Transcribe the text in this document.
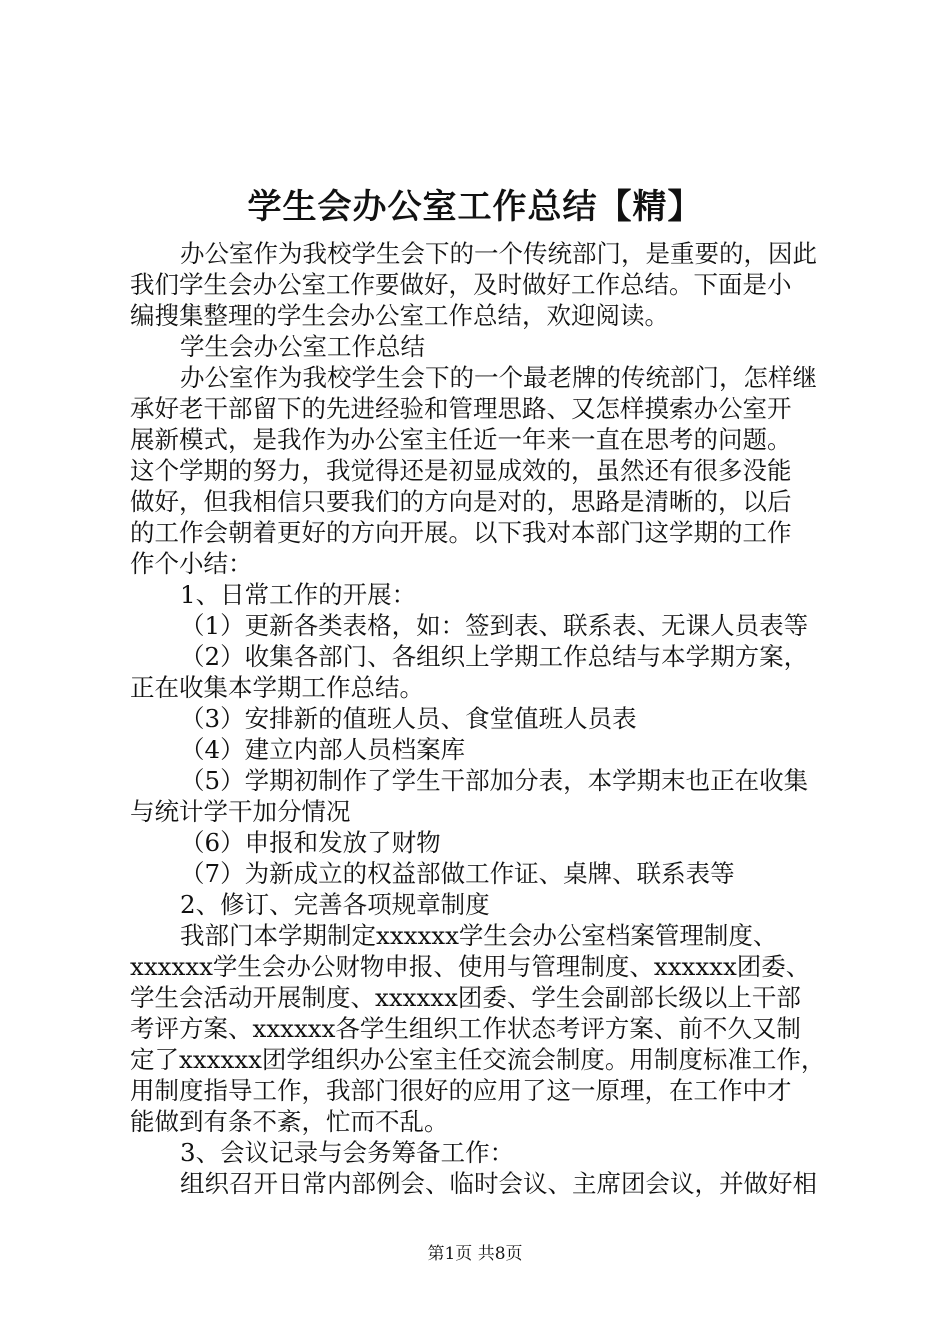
学生会办公室工作总结【精】
办公室作为我校学生会下的一个传统部门，是重要的，因此
我们学生会办公室工作要做好，及时做好工作总结。下面是小
编搜集整理的学生会办公室工作总结，欢迎阅读。
学生会办公室工作总结
办公室作为我校学生会下的一个最老牌的传统部门，怎样继
承好老干部留下的先进经验和管理思路、又怎样摸索办公室开
展新模式，是我作为办公室主任近一年来一直在思考的问题。
这个学期的努力，我觉得还是初显成效的，虽然还有很多没能
做好，但我相信只要我们的方向是对的，思路是清晰的，以后
的工作会朝着更好的方向开展。以下我对本部门这学期的工作
作个小结：
1、日常工作的开展：
（1）更新各类表格，如：签到表、联系表、无课人员表等
（2）收集各部门、各组织上学期工作总结与本学期方案，
正在收集本学期工作总结。
（3）安排新的值班人员、食堂值班人员表
（4）建立内部人员档案库
（5）学期初制作了学生干部加分表，本学期末也正在收集
与统计学干加分情况
（6）申报和发放了财物
（7）为新成立的权益部做工作证、桌牌、联系表等
2、修订、完善各项规章制度
我部门本学期制定xxxxxx学生会办公室档案管理制度、
xxxxxx学生会办公财物申报、使用与管理制度、xxxxxx团委、
学生会活动开展制度、xxxxxx团委、学生会副部长级以上干部
考评方案、xxxxxx各学生组织工作状态考评方案、前不久又制
定了xxxxxx团学组织办公室主任交流会制度。用制度标准工作，
用制度指导工作，我部门很好的应用了这一原理，在工作中才
能做到有条不紊，忙而不乱。
3、会议记录与会务筹备工作：
组织召开日常内部例会、临时会议、主席团会议，并做好相
第1页 共8页
